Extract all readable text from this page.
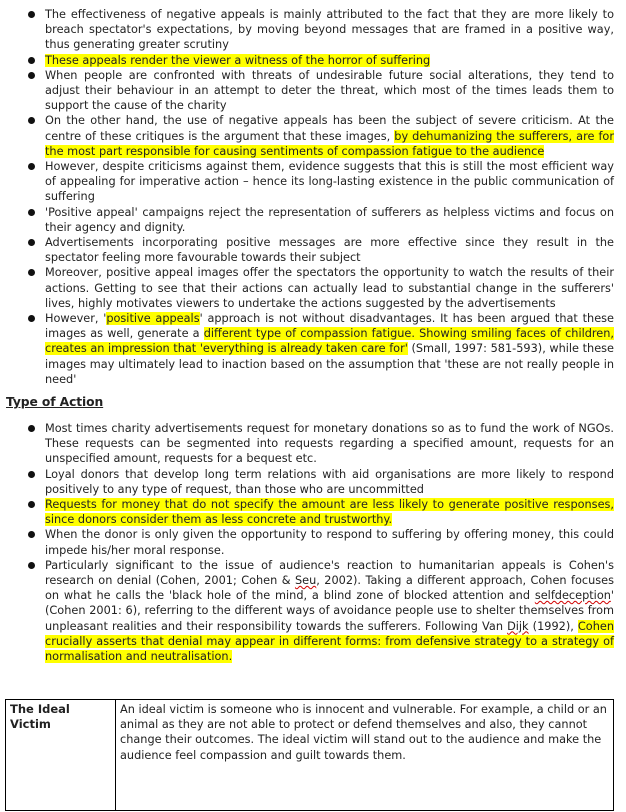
The effectiveness of negative appeals is mainly attributed to the fact that they are more likely to breach spectator's expectations, by moving beyond messages that are framed in a positive way, thus generating greater scrutiny
These appeals render the viewer a witness of the horror of suffering
When people are confronted with threats of undesirable future social alterations, they tend to adjust their behaviour in an attempt to deter the threat, which most of the times leads them to support the cause of the charity
On the other hand, the use of negative appeals has been the subject of severe criticism. At the centre of these critiques is the argument that these images, by dehumanizing the sufferers, are for the most part responsible for causing sentiments of compassion fatigue to the audience
However, despite criticisms against them, evidence suggests that this is still the most efficient way of appealing for imperative action – hence its long-lasting existence in the public communication of suffering
'Positive appeal' campaigns reject the representation of sufferers as helpless victims and focus on their agency and dignity.
Advertisements incorporating positive messages are more effective since they result in the spectator feeling more favourable towards their subject
Moreover, positive appeal images offer the spectators the opportunity to watch the results of their actions. Getting to see that their actions can actually lead to substantial change in the sufferers' lives, highly motivates viewers to undertake the actions suggested by the advertisements
However, 'positive appeals' approach is not without disadvantages. It has been argued that these images as well, generate a different type of compassion fatigue. Showing smiling faces of children, creates an impression that 'everything is already taken care for' (Small, 1997: 581-593), while these images may ultimately lead to inaction based on the assumption that 'these are not really people in need'
Type of Action
Most times charity advertisements request for monetary donations so as to fund the work of NGOs. These requests can be segmented into requests regarding a specified amount, requests for an unspecified amount, requests for a bequest etc.
Loyal donors that develop long term relations with aid organisations are more likely to respond positively to any type of request, than those who are uncommitted
Requests for money that do not specify the amount are less likely to generate positive responses, since donors consider them as less concrete and trustworthy.
When the donor is only given the opportunity to respond to suffering by offering money, this could impede his/her moral response.
Particularly significant to the issue of audience's reaction to humanitarian appeals is Cohen's research on denial (Cohen, 2001; Cohen & Seu, 2002). Taking a different approach, Cohen focuses on what he calls the 'black hole of the mind, a blind zone of blocked attention and selfdeception' (Cohen 2001: 6), referring to the different ways of avoidance people use to shelter themselves from unpleasant realities and their responsibility towards the sufferers. Following Van Dijk (1992), Cohen crucially asserts that denial may appear in different forms: from defensive strategy to a strategy of normalisation and neutralisation.
The Ideal Victim	An ideal victim is someone who is innocent and vulnerable. For example, a child or an animal as they are not able to protect or defend themselves and also, they cannot change their outcomes. The ideal victim will stand out to the audience and make the audience feel compassion and guilt towards them.
